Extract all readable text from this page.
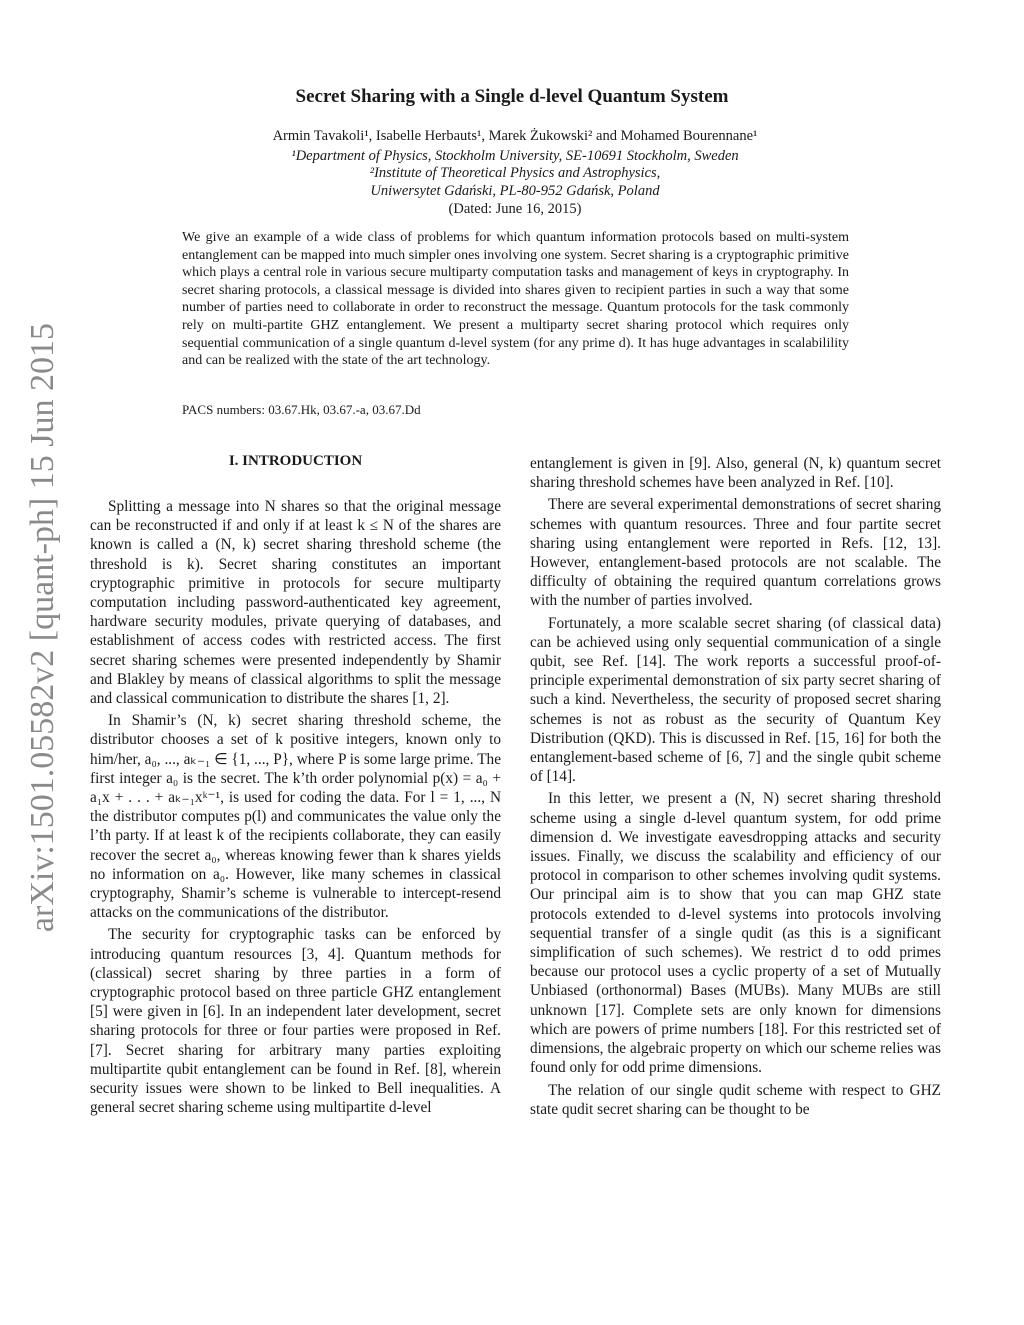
arXiv:1501.05582v2 [quant-ph] 15 Jun 2015
Secret Sharing with a Single d-level Quantum System
Armin Tavakoli¹, Isabelle Herbauts¹, Marek Żukowski² and Mohamed Bourennane¹
¹Department of Physics, Stockholm University, SE-10691 Stockholm, Sweden
²Institute of Theoretical Physics and Astrophysics,
Uniwersytet Gdański, PL-80-952 Gdańsk, Poland
(Dated: June 16, 2015)

We give an example of a wide class of problems for which quantum information protocols based on multi-system entanglement can be mapped into much simpler ones involving one system. Secret sharing is a cryptographic primitive which plays a central role in various secure multiparty computation tasks and management of keys in cryptography. In secret sharing protocols, a classical message is divided into shares given to recipient parties in such a way that some number of parties need to collaborate in order to reconstruct the message. Quantum protocols for the task commonly rely on multi-partite GHZ entanglement. We present a multiparty secret sharing protocol which requires only sequential communication of a single quantum d-level system (for any prime d). It has huge advantages in scalabilility and can be realized with the state of the art technology.

PACS numbers: 03.67.Hk, 03.67.-a, 03.67.Dd
I. INTRODUCTION

Splitting a message into N shares so that the original message can be reconstructed if and only if at least k ≤ N of the shares are known is called a (N, k) secret sharing threshold scheme (the threshold is k). Secret sharing constitutes an important cryptographic primitive in protocols for secure multiparty computation including password-authenticated key agreement, hardware security modules, private querying of databases, and establishment of access codes with restricted access. The first secret sharing schemes were presented independently by Shamir and Blakley by means of classical algorithms to split the message and classical communication to distribute the shares [1, 2].

In Shamir’s (N, k) secret sharing threshold scheme, the distributor chooses a set of k positive integers, known only to him/her, a₀, ..., aₖ₋₁ ∈ {1, ..., P}, where P is some large prime. The first integer a₀ is the secret. The k’th order polynomial p(x) = a₀ + a₁x + . . . + aₖ₋₁xᵏ⁻¹, is used for coding the data. For l = 1, ..., N the distributor computes p(l) and communicates the value only the l’th party. If at least k of the recipients collaborate, they can easily recover the secret a₀, whereas knowing fewer than k shares yields no information on a₀. However, like many schemes in classical cryptography, Shamir’s scheme is vulnerable to intercept-resend attacks on the communications of the distributor.

The security for cryptographic tasks can be enforced by introducing quantum resources [3, 4]. Quantum methods for (classical) secret sharing by three parties in a form of cryptographic protocol based on three particle GHZ entanglement [5] were given in [6]. In an independent later development, secret sharing protocols for three or four parties were proposed in Ref. [7]. Secret sharing for arbitrary many parties exploiting multipartite qubit entanglement can be found in Ref. [8], wherein security issues were shown to be linked to Bell inequalities. A general secret sharing scheme using multipartite d-level

entanglement is given in [9]. Also, general (N, k) quantum secret sharing threshold schemes have been analyzed in Ref. [10].

There are several experimental demonstrations of secret sharing schemes with quantum resources. Three and four partite secret sharing using entanglement were reported in Refs. [12, 13]. However, entanglement-based protocols are not scalable. The difficulty of obtaining the required quantum correlations grows with the number of parties involved.

Fortunately, a more scalable secret sharing (of classical data) can be achieved using only sequential communication of a single qubit, see Ref. [14]. The work reports a successful proof-of-principle experimental demonstration of six party secret sharing of such a kind. Nevertheless, the security of proposed secret sharing schemes is not as robust as the security of Quantum Key Distribution (QKD). This is discussed in Ref. [15, 16] for both the entanglement-based scheme of [6, 7] and the single qubit scheme of [14].

In this letter, we present a (N, N) secret sharing threshold scheme using a single d-level quantum system, for odd prime dimension d. We investigate eavesdropping attacks and security issues. Finally, we discuss the scalability and efficiency of our protocol in comparison to other schemes involving qudit systems. Our principal aim is to show that you can map GHZ state protocols extended to d-level systems into protocols involving sequential transfer of a single qudit (as this is a significant simplification of such schemes). We restrict d to odd primes because our protocol uses a cyclic property of a set of Mutually Unbiased (orthonormal) Bases (MUBs). Many MUBs are still unknown [17]. Complete sets are only known for dimensions which are powers of prime numbers [18]. For this restricted set of dimensions, the algebraic property on which our scheme relies was found only for odd prime dimensions.

The relation of our single qudit scheme with respect to GHZ state qudit secret sharing can be thought to be
